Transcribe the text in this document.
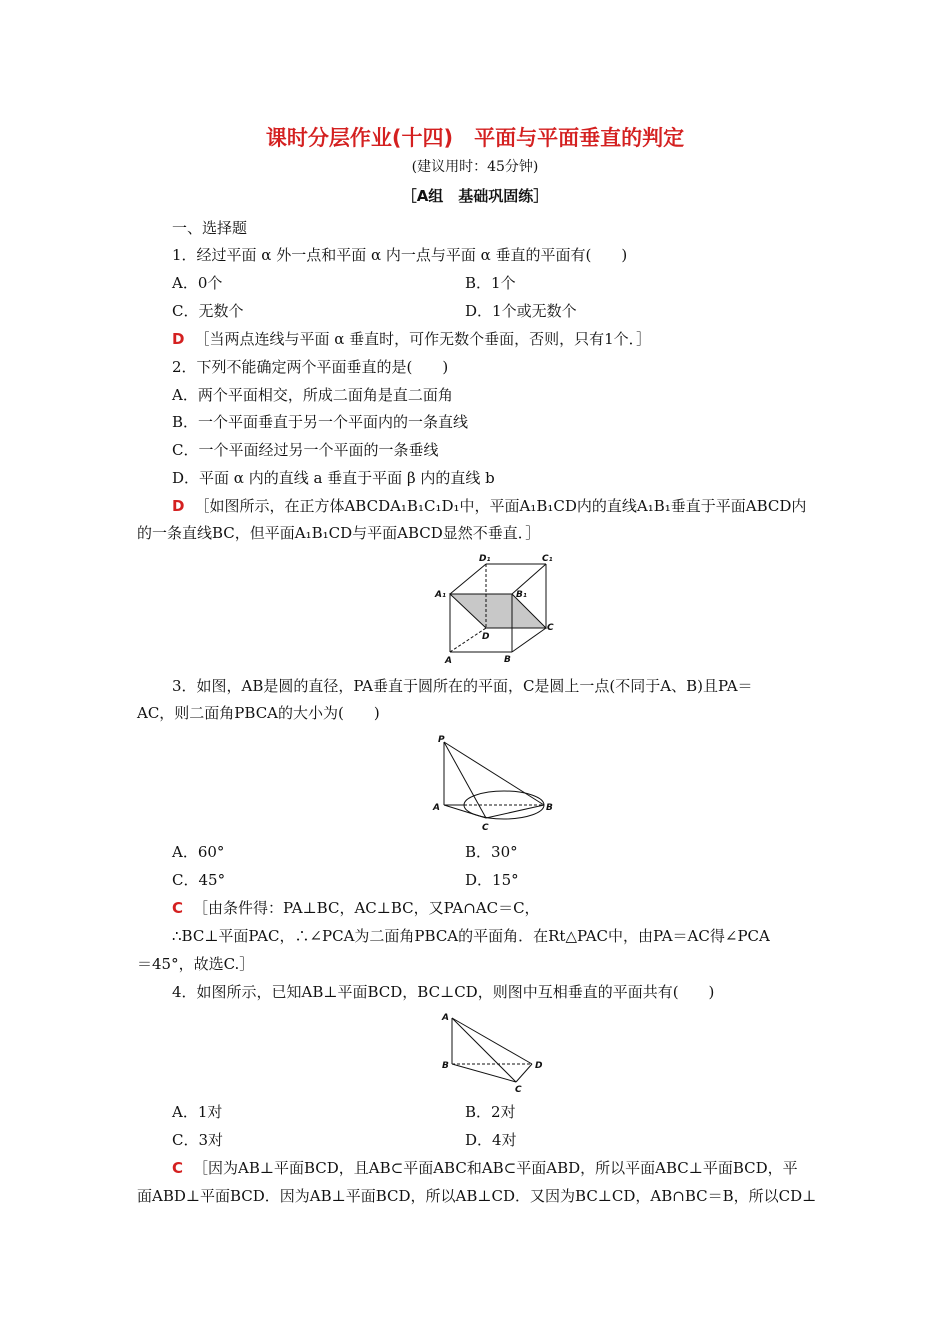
课时分层作业(十四)　平面与平面垂直的判定
(建议用时：45分钟)
［A组　基础巩固练］
一、选择题
1．经过平面 α 外一点和平面 α 内一点与平面 α 垂直的平面有(　　)
A．0个	B．1个
C．无数个	D．1个或无数个
D ［当两点连线与平面 α 垂直时，可作无数个垂面，否则，只有1个．］
2．下列不能确定两个平面垂直的是(　　)
A．两个平面相交，所成二面角是直二面角
B．一个平面垂直于另一个平面内的一条直线
C．一个平面经过另一个平面的一条垂线
D．平面 α 内的直线 a 垂直于平面 β 内的直线 b
D ［如图所示，在正方体ABCDA₁B₁C₁D₁中，平面A₁B₁CD内的直线A₁B₁垂直于平面ABCD内
的一条直线BC，但平面A₁B₁CD与平面ABCD显然不垂直．］
D₁	C₁
A₁	B₁
D
C
A	B
3．如图，AB是圆的直径，PA垂直于圆所在的平面，C是圆上一点(不同于A、B)且PA＝
AC，则二面角PBCA的大小为(　　)
P
A	B
C
A．60°	B．30°
C．45°	D．15°
C ［由条件得：PA⊥BC，AC⊥BC，又PA∩AC＝C，
∴BC⊥平面PAC，∴∠PCA为二面角PBCA的平面角．在Rt△PAC中，由PA＝AC得∠PCA
＝45°，故选C.］
4．如图所示，已知AB⊥平面BCD，BC⊥CD，则图中互相垂直的平面共有(　　)
A
B	D
C
A．1对	B．2对
C．3对	D．4对
C ［因为AB⊥平面BCD，且AB⊂平面ABC和AB⊂平面ABD，所以平面ABC⊥平面BCD，平
面ABD⊥平面BCD．因为AB⊥平面BCD，所以AB⊥CD．又因为BC⊥CD，AB∩BC＝B，所以CD⊥
